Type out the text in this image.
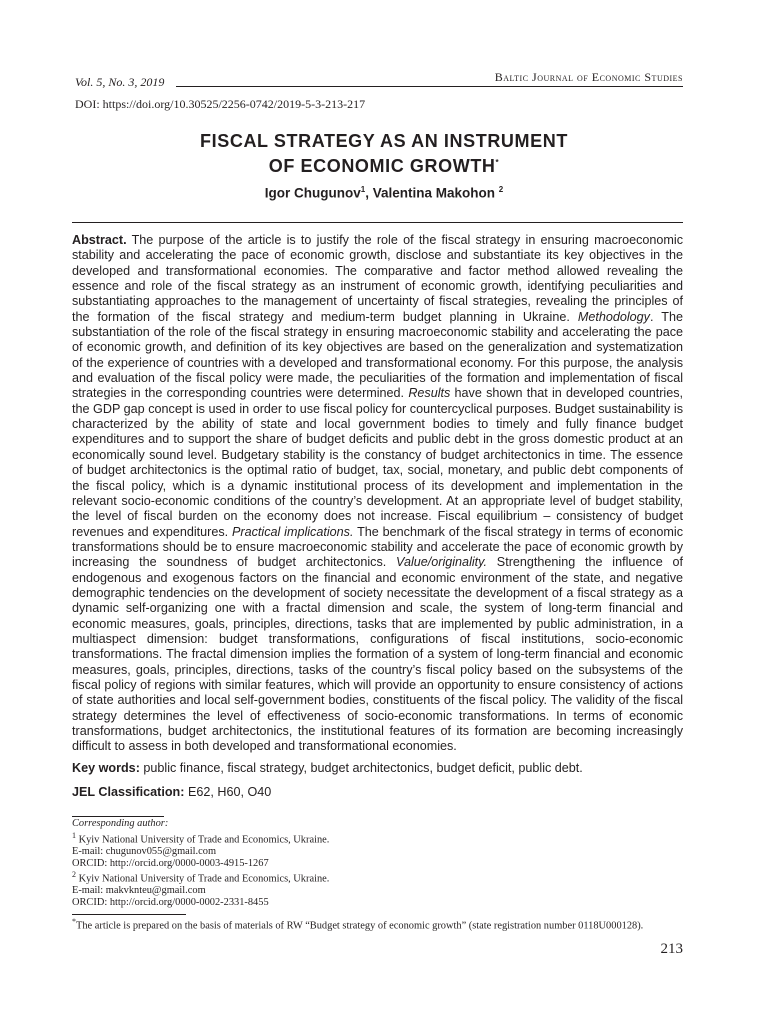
Vol. 5, No. 3, 2019	Baltic Journal of Economic Studies
DOI: https://doi.org/10.30525/2256-0742/2019-5-3-213-217
FISCAL STRATEGY AS AN INSTRUMENT
OF ECONOMIC GROWTH*
Igor Chugunov$^1$, Valentina Makohon $^2$
Abstract. The purpose of the article is to justify the role of the fiscal strategy in ensuring macroeconomic stability and accelerating the pace of economic growth, disclose and substantiate its key objectives in the developed and transformational economies. The comparative and factor method allowed revealing the essence and role of the fiscal strategy as an instrument of economic growth, identifying peculiarities and substantiating approaches to the management of uncertainty of fiscal strategies, revealing the principles of the formation of the fiscal strategy and medium-term budget planning in Ukraine. Methodology. The substantiation of the role of the fiscal strategy in ensuring macroeconomic stability and accelerating the pace of economic growth, and definition of its key objectives are based on the generalization and systematization of the experience of countries with a developed and transformational economy. For this purpose, the analysis and evaluation of the fiscal policy were made, the peculiarities of the formation and implementation of fiscal strategies in the corresponding countries were determined. Results have shown that in developed countries, the GDP gap concept is used in order to use fiscal policy for countercyclical purposes. Budget sustainability is characterized by the ability of state and local government bodies to timely and fully finance budget expenditures and to support the share of budget deficits and public debt in the gross domestic product at an economically sound level. Budgetary stability is the constancy of budget architectonics in time. The essence of budget architectonics is the optimal ratio of budget, tax, social, monetary, and public debt components of the fiscal policy, which is a dynamic institutional process of its development and implementation in the relevant socio-economic conditions of the country’s development. At an appropriate level of budget stability, the level of fiscal burden on the economy does not increase. Fiscal equilibrium – consistency of budget revenues and expenditures. Practical implications. The benchmark of the fiscal strategy in terms of economic transformations should be to ensure macroeconomic stability and accelerate the pace of economic growth by increasing the soundness of budget architectonics. Value/originality. Strengthening the influence of endogenous and exogenous factors on the financial and economic environment of the state, and negative demographic tendencies on the development of society necessitate the development of a fiscal strategy as a dynamic self-organizing one with a fractal dimension and scale, the system of long-term financial and economic measures, goals, principles, directions, tasks that are implemented by public administration, in a multiaspect dimension: budget transformations, configurations of fiscal institutions, socio-economic transformations. The fractal dimension implies the formation of a system of long-term financial and economic measures, goals, principles, directions, tasks of the country’s fiscal policy based on the subsystems of the fiscal policy of regions with similar features, which will provide an opportunity to ensure consistency of actions of state authorities and local self-government bodies, constituents of the fiscal policy. The validity of the fiscal strategy determines the level of effectiveness of socio-economic transformations. In terms of economic transformations, budget architectonics, the institutional features of its formation are becoming increasingly difficult to assess in both developed and transformational economies.
Key words: public finance, fiscal strategy, budget architectonics, budget deficit, public debt.
JEL Classification: E62, H60, O40
Corresponding author:
$^1$ Kyiv National University of Trade and Economics, Ukraine.
E-mail: chugunov055@gmail.com
ORCID: http://orcid.org/0000-0003-4915-1267
$^2$ Kyiv National University of Trade and Economics, Ukraine.
E-mail: makvknteu@gmail.com
ORCID: http://orcid.org/0000-0002-2331-8455
*The article is prepared on the basis of materials of RW “Budget strategy of economic growth” (state registration number 0118U000128).
213
